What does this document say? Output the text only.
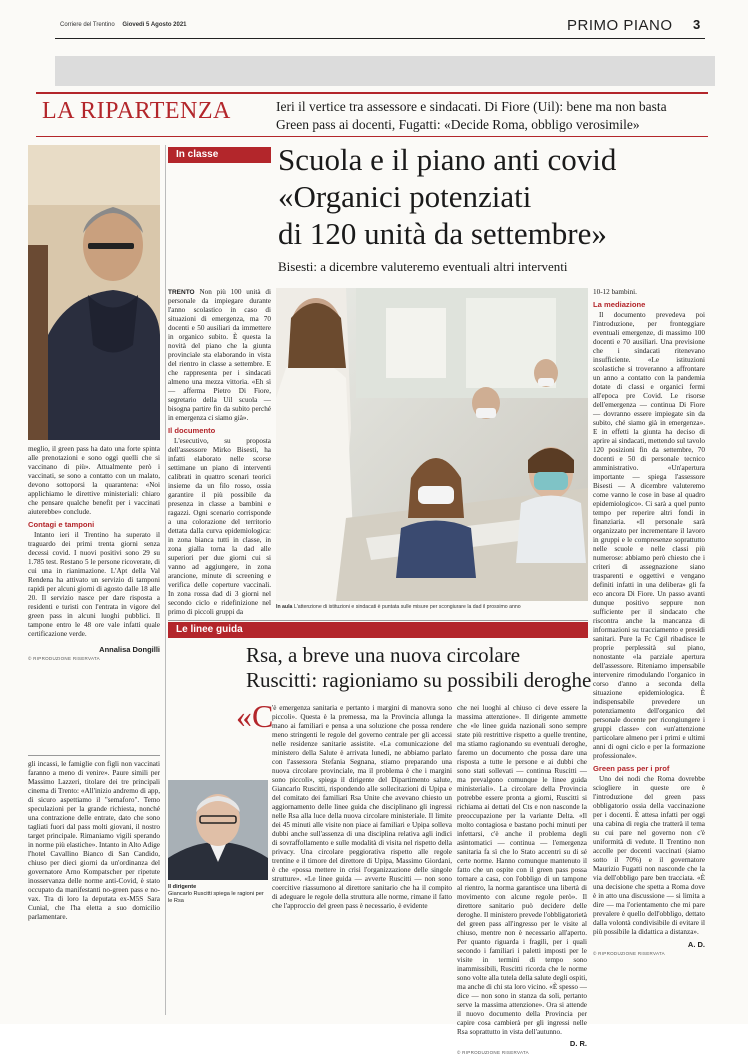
Corriere del Trentino Giovedì 5 Agosto 2021	PRIMO PIANO 3
LA RIPARTENZA	Ieri il vertice tra assessore e sindacati. Di Fiore (Uil): bene ma non basta
Green pass ai docenti, Fugatti: «Decide Roma, obbligo verosimile»

meglio, il green pass ha dato una forte spinta alle prenotazioni e sono oggi quelli che si vaccinano di più». Attualmente però i vaccinati, se sono a contatto con un malato, devono sottoporsi la quarantena: «Noi applichiamo le direttive ministeriali: chiaro che pensare qualche benefit per i vaccinati aiuterebbe» conclude.

Contagi e tamponi

Intanto ieri il Trentino ha superato il traguardo dei primi trenta giorni senza decessi covid. I nuovi positivi sono 29 su 1.785 test. Restano 5 le persone ricoverate, di cui una in rianimazione. L'Apt della Val Rendena ha attivato un servizio di tamponi rapidi per alcuni giorni di agosto dalle 18 alle 20. Il servizio nasce per dare risposta a residenti e turisti con l'entrata in vigore del green pass in alcuni luoghi pubblici. Il tampone entro le 48 ore vale infatti quale certificazione verde.

Annalisa Dongilli
© RIPRODUZIONE RISERVATA

gli incassi, le famiglie con figli non vaccinati faranno a meno di venire». Paure simili per Massimo Lazzeri, titolare dei tre principali cinema di Trento: «All'inizio andremo di app, di sicuro aspettiamo il "semaforo". Temo speculazioni per la grande richiesta, nonché una contrazione delle entrate, dato che sono tagliati fuori dal pass molti giovani, il nostro target principale. Rimaniamo vigili sperando in norme più elastiche». Intanto in Alto Adige l'hotel Cavallino Bianco di San Candido, chiuso per dieci giorni da un'ordinanza del governatore Arno Kompatscher per ripetute inosservanza delle norme anti-Covid, è stato occupato da manifestanti no-green pass e no-vax. Tra di loro la deputata ex-M5S Sara Cunial, che l'ha eletta a suo domicilio parlamentare.

In classe	Scuola e il piano anti covid
«Organici potenziati
di 120 unità da settembre»
Bisesti: a dicembre valuteremo eventuali altri interventi

TRENTO Non più 100 unità di personale da impiegare durante l'anno scolastico in caso di situazioni di emergenza, ma 70 docenti e 50 ausiliari da immettere in organico subito. È questa la novità del piano che la giunta provinciale sta elaborando in vista del rientro in classe a settembre. E che rappresenta per i sindacati almeno una mezza vittoria. «Eh sì — afferma Pietro Di Fiore, segretario della Uil scuola — bisogna partire fin da subito perché in emergenza ci siamo già».

Il documento

L'esecutivo, su proposta dell'assessore Mirko Bisesti, ha infatti elaborato nelle scorse settimane un piano di interventi calibrati in quattro scenari teorici insieme da un filo rosso, ossia garantire il più possibile da presenza in classe a bambini e ragazzi. Ogni scenario corrisponde a una colorazione del territorio dettata dalla curva epidemiologica: in zona bianca tutti in classe, in zona gialla torna la dad alle superiori per due giorni cui si vanno ad aggiungere, in zona arancione, minute di screening e verifica delle coperture vaccinali. In zona rossa dad di 3 giorni nel secondo ciclo e ridefinizione nel primo di piccoli gruppi da

In aula L'attenzione di istituzioni e sindacati è puntata sulle misure per scongiurare la dad il prossimo anno

10-12 bambini.

La mediazione

Il documento prevedeva poi l'introduzione, per fronteggiare eventuali emergenze, di massimo 100 docenti e 70 ausiliari. Una previsione che i sindacati ritenevano insufficiente. «Le istituzioni scolastiche si troveranno a affrontare un anno a contatto con la pandemia dotate di classi e organici fermi all'epoca pre Covid. Le risorse dell'emergenza — continua Di Fiore — dovranno essere impiegate sin da subito, ché siamo già in emergenza». E in effetti la giunta ha deciso di aprire ai sindacati, mettendo sul tavolo 120 posizioni fin da settembre, 70 docenti e 50 di personale tecnico amministrativo. «Un'apertura importante — spiega l'assessore Bisesti — A dicembre valuteremo come vanno le cose in base al quadro epidemiologico». Ci sarà a quel punto tempo per reperire altri fondi in finanziaria. «Il personale sarà organizzato per incrementare il lavoro in gruppi e le compresenze soprattutto nelle scuole e nelle classi più numerose: abbiamo però chiesto che i criteri di assegnazione siano trasparenti e oggettivi e vengano definiti infatti in una delibera» gli fa eco ancora Di Fiore. Un passo avanti dunque positivo seppure non sufficiente per il sindacato che riscontra anche la mancanza di informazioni su tracciamento e presidi sanitari. Pure la Fc Cgil ribadisce le proprie perplessità sul piano, nonostante «la parziale apertura dell'assessore. Riteniamo impensabile intervenire rimodulando l'organico in corso d'anno a seconda della situazione epidemiologica. È indispensabile prevedere un potenziamento dell'organico del personale docente per ricongiungere i gruppi classe» con «un'attenzione particolare almeno per i primi e ultimi anni di ogni ciclo e per la formazione professionale».

Green pass per i prof

Uno dei nodi che Roma dovrebbe sciogliere in queste ore è l'introduzione del green pass obbligatorio ossia della vaccinazione per i docenti. È attesa infatti per oggi una cabina di regia che tratterà il tema su cui pare nel governo non c'è uniformità di vedute. Il Trentino non accolle per docenti vaccinati (siamo sotto il 70%) e il governatore Maurizio Fugatti non nasconde che la via dell'obbligo pare ben tracciata. «È una decisione che spetta a Roma dove è in atto una discussione — si limita a dire — ma l'orientamento che mi pare prevalere è quello dell'obbligo, dettato dalla volontà condivisibile di evitare il più possibile la didattica a distanza».

A. D.
© RIPRODUZIONE RISERVATA
Le linee guida
Rsa, a breve una nuova circolare
Ruscitti: ragioniamo su possibili deroghe
«C

'è emergenza sanitaria e pertanto i margini di manovra sono piccoli». Questa è la premessa, ma la Provincia allunga la mano ai familiari e pensa a una soluzione che possa rendere meno stringenti le regole del governo centrale per gli accessi nelle residenze sanitarie assistite. «La comunicazione del ministero della Salute è arrivata lunedì, ne abbiamo parlato con l'assessora Stefania Segnana, stiamo preparando una nuova circolare provinciale, ma il problema è che i margini sono piccoli», spiega il dirigente del Dipartimento salute, Giancarlo Ruscitti, rispondendo alle sollecitazioni di Upipa e del comitato dei familiari Rsa Unite che avevano chiesto un aggiornamento delle linee guida che disciplinano gli ingressi nelle Rsa alla luce della nuova circolare ministeriale. Il limite dei 45 minuti alle visite non piace ai familiari e Upipa solleva dubbi anche sull'assenza di una disciplina relativa agli indici di sovraffollamento e sulle modalità di visita nel rispetto della privacy. Una circolare peggiorativa rispetto alle regole trentine e il timore del direttore di Upipa, Massimo Giordani, è che «possa mettere in crisi l'organizzazione delle singole strutture». «Le linee guida — avverte Ruscitti — non sono coercitive riassumono al direttore sanitario che ha il compito di adeguare le regole della struttura alle norme, rimane il fatto che l'approccio del green pass è necessario, è evidente

che nei luoghi al chiuso ci deve essere la massima attenzione». Il dirigente ammette che «le linee guida nazionali sono sempre state più restrittive rispetto a quelle trentine, ma stiamo ragionando su eventuali deroghe, faremo un documento che possa dare una risposta a tutte le persone e ai dubbi che sono stati sollevati — continua Ruscitti — ma prevalgono comunque le linee guida ministeriali». La circolare della Provincia potrebbe essere pronta a giorni, Ruscitti si richiama ai dettati del Cts e non nasconde la preoccupazione per la variante Delta. «Il molto contagiosa e bastano pochi minuti per infettarsi, c'è anche il problema degli asintomatici — continua — l'emergenza sanitaria fa sì che lo Stato accentri su di sé certe norme. Hanno comunque mantenuto il fatto che un ospite con il green pass possa tornare a casa, con l'obbligo di un tampone al rientro, la norma garantisce una libertà di movimento con alcune regole però». Il direttore sanitario può decidere delle deroghe. Il ministero prevede l'obbligatorietà del green pass all'ingresso per le visite al chiuso, mentre non è necessario all'aperto. Per quanto riguarda i fragili, per i quali secondo i familiari i paletti imposti per le visite in termini di tempo sono inammissibili, Ruscitti ricorda che le norme sono volte alla tutela della salute degli ospiti, ma anche di chi sta loro vicino. «È spesso — dice — non sono in stanza da soli, pertanto serve la massima attenzione». Ora si attende il nuovo documento della Provincia per capire cosa cambierà per gli ingressi nelle Rsa soprattutto in vista dell'autunno.

D. R.
© RIPRODUZIONE RISERVATA
Il dirigente
Giancarlo Ruscitti spiega le ragioni per le Rsa
